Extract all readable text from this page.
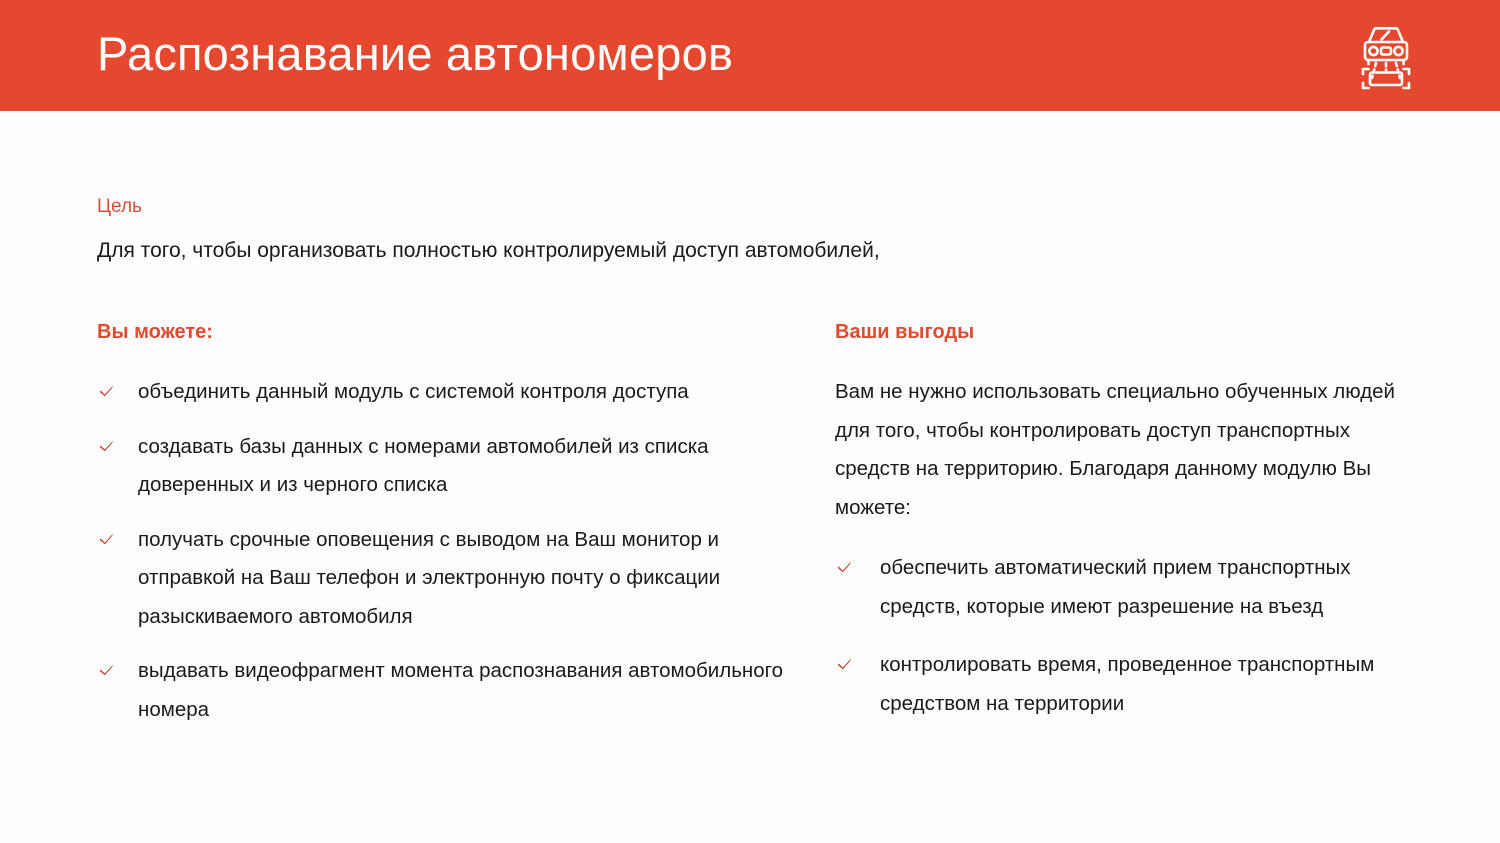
Распознавание автономеров
Цель
Для того, чтобы организовать полностью контролируемый доступ автомобилей,
Вы можете:
объединить данный модуль с системой контроля доступа
создавать базы данных с номерами автомобилей из списка доверенных и из черного списка
получать срочные оповещения с выводом на Ваш монитор и отправкой на Ваш телефон и электронную почту о фиксации разыскиваемого автомобиля
выдавать видеофрагмент момента распознавания автомобильного номера
Ваши выгоды

Вам не нужно использовать специально обученных людей для того, чтобы контролировать доступ транспортных средств на территорию. Благодаря данному модулю Вы можете:

обеспечить автоматический прием транспортных средств, которые имеют разрешение на въезд
контролировать время, проведенное транспортным средством на территории
